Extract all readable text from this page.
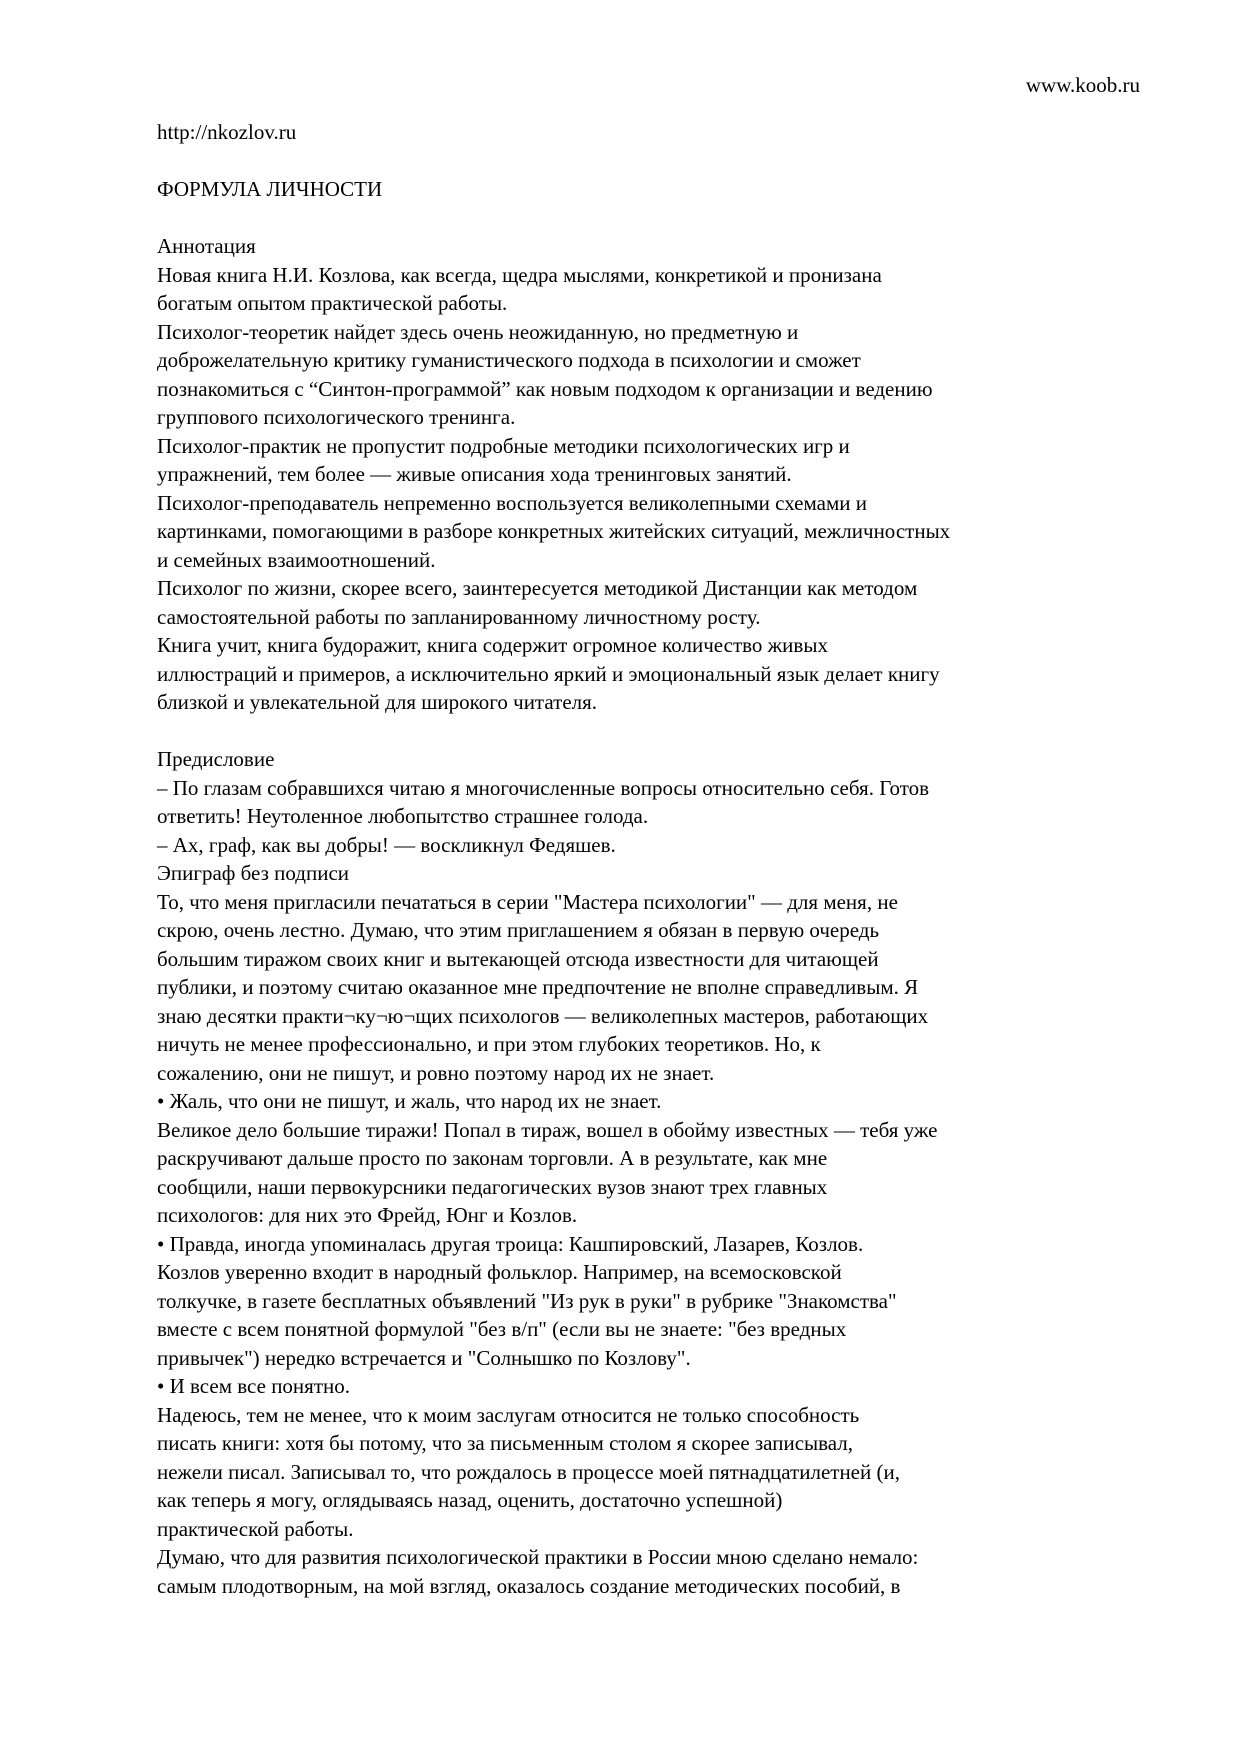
www.koob.ru
http://nkozlov.ru
ФОРМУЛА ЛИЧНОСТИ
Аннотация
Новая книга Н.И. Козлова, как всегда, щедра мыслями, конкретикой и пронизана
богатым опытом практической работы.
Психолог-теоретик найдет здесь очень неожиданную, но предметную и
доброжелательную критику гуманистического подхода в психологии и сможет
познакомиться с “Синтон-программой” как новым подходом к организации и ведению
группового психологического тренинга.
Психолог-практик не пропустит подробные методики психологических игр и
упражнений, тем более — живые описания хода тренинговых занятий.
Психолог-преподаватель непременно воспользуется великолепными схемами и
картинками, помогающими в разборе конкретных житейских ситуаций, межличностных
и семейных взаимоотношений.
Психолог по жизни, скорее всего, заинтересуется методикой Дистанции как методом
самостоятельной работы по запланированному личностному росту.
Книга учит, книга будоражит, книга содержит огромное количество живых
иллюстраций и примеров, а исключительно яркий и эмоциональный язык делает книгу
близкой и увлекательной для широкого читателя.
Предисловие
– По глазам собравшихся читаю я многочисленные вопросы относительно себя. Готов
ответить! Неутоленное любопытство страшнее голода.
– Ах, граф, как вы добры! — воскликнул Федяшев.
Эпиграф без подписи
То, что меня пригласили печататься в серии "Мастера психологии" — для меня, не
скрою, очень лестно. Думаю, что этим приглашением я обязан в первую очередь
большим тиражом своих книг и вытекающей отсюда известности для читающей
публики, и поэтому считаю оказанное мне предпочтение не вполне справедливым. Я
знаю десятки практи¬ку¬ю¬щих психологов — великолепных мастеров, работающих
ничуть не менее профессионально, и при этом глубоких теоретиков. Но, к
сожалению, они не пишут, и ровно поэтому народ их не знает.
• Жаль, что они не пишут, и жаль, что народ их не знает.
Великое дело большие тиражи! Попал в тираж, вошел в обойму известных — тебя уже
раскручивают дальше просто по законам торговли. А в результате, как мне
сообщили, наши первокурсники педагогических вузов знают трех главных
психологов: для них это Фрейд, Юнг и Козлов.
• Правда, иногда упоминалась другая троица: Кашпировский, Лазарев, Козлов.
Козлов уверенно входит в народный фольклор. Например, на всемосковской
толкучке, в газете бесплатных объявлений "Из рук в руки" в рубрике "Знакомства"
вместе с всем понятной формулой "без в/п" (если вы не знаете: "без вредных
привычек") нередко встречается и "Солнышко по Козлову".
• И всем все понятно.
Надеюсь, тем не менее, что к моим заслугам относится не только способность
писать книги: хотя бы потому, что за письменным столом я скорее записывал,
нежели писал. Записывал то, что рождалось в процессе моей пятнадцатилетней (и,
как теперь я могу, оглядываясь назад, оценить, достаточно успешной)
практической работы.
Думаю, что для развития психологической практики в России мною сделано немало:
самым плодотворным, на мой взгляд, оказалось создание методических пособий, в
